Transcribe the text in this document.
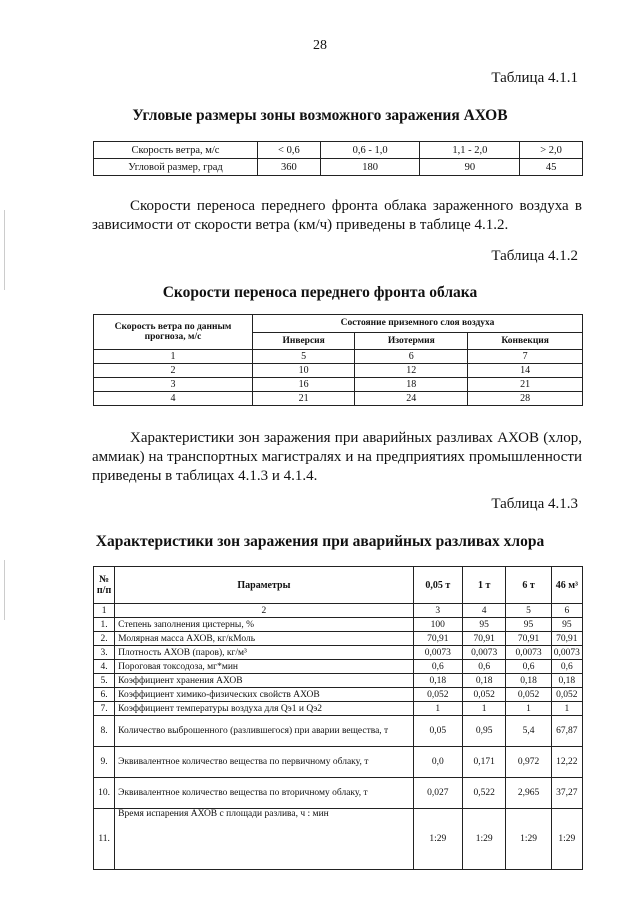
28
Таблица 4.1.1
Угловые размеры зоны возможного заражения АХОВ
Скорость ветра, м/с	< 0,6	0,6 - 1,0	1,1 - 2,0	> 2,0
Угловой размер, град	360	180	90	45
Скорости переноса переднего фронта облака зараженного воздуха в зависимости от скорости ветра (км/ч) приведены в таблице 4.1.2.
Таблица 4.1.2
Скорости переноса переднего фронта облака
Скорость ветра по данным прогноза, м/с	Состояние приземного слоя воздуха		
	Инверсия	Изотермия	Конвекция
1	5	6	7
2	10	12	14
3	16	18	21
4	21	24	28
Характеристики зон заражения при аварийных разливах АХОВ (хлор, аммиак) на транспортных магистралях и на предприятиях промышленности приведены в таблицах 4.1.3 и 4.1.4.
Таблица 4.1.3
Характеристики зон заражения при аварийных разливах хлора
№ п/п	Параметры	0,05 т	1 т	6 т	46 м³
1	2	3	4	5	6
1.	Степень заполнения цистерны, %	100	95	95	95
2.	Молярная масса АХОВ, кг/кМоль	70,91	70,91	70,91	70,91
3.	Плотность АХОВ (паров), кг/м³	0,0073	0,0073	0,0073	0,0073
4.	Пороговая токсодоза, мг*мин	0,6	0,6	0,6	0,6
5.	Коэффициент хранения АХОВ	0,18	0,18	0,18	0,18
6.	Коэффициент химико-физических свойств АХОВ	0,052	0,052	0,052	0,052
7.	Коэффициент температуры воздуха для Qэ1 и Qэ2	1	1	1	1
8.	Количество выброшенного (разлившегося) при аварии вещества, т	0,05	0,95	5,4	67,87
9.	Эквивалентное количество вещества по первичному облаку, т	0,0	0,171	0,972	12,22
10.	Эквивалентное количество вещества по вторичному облаку, т	0,027	0,522	2,965	37,27
11.	Время испарения АХОВ с площади разлива, ч : мин	1:29	1:29	1:29	1:29
